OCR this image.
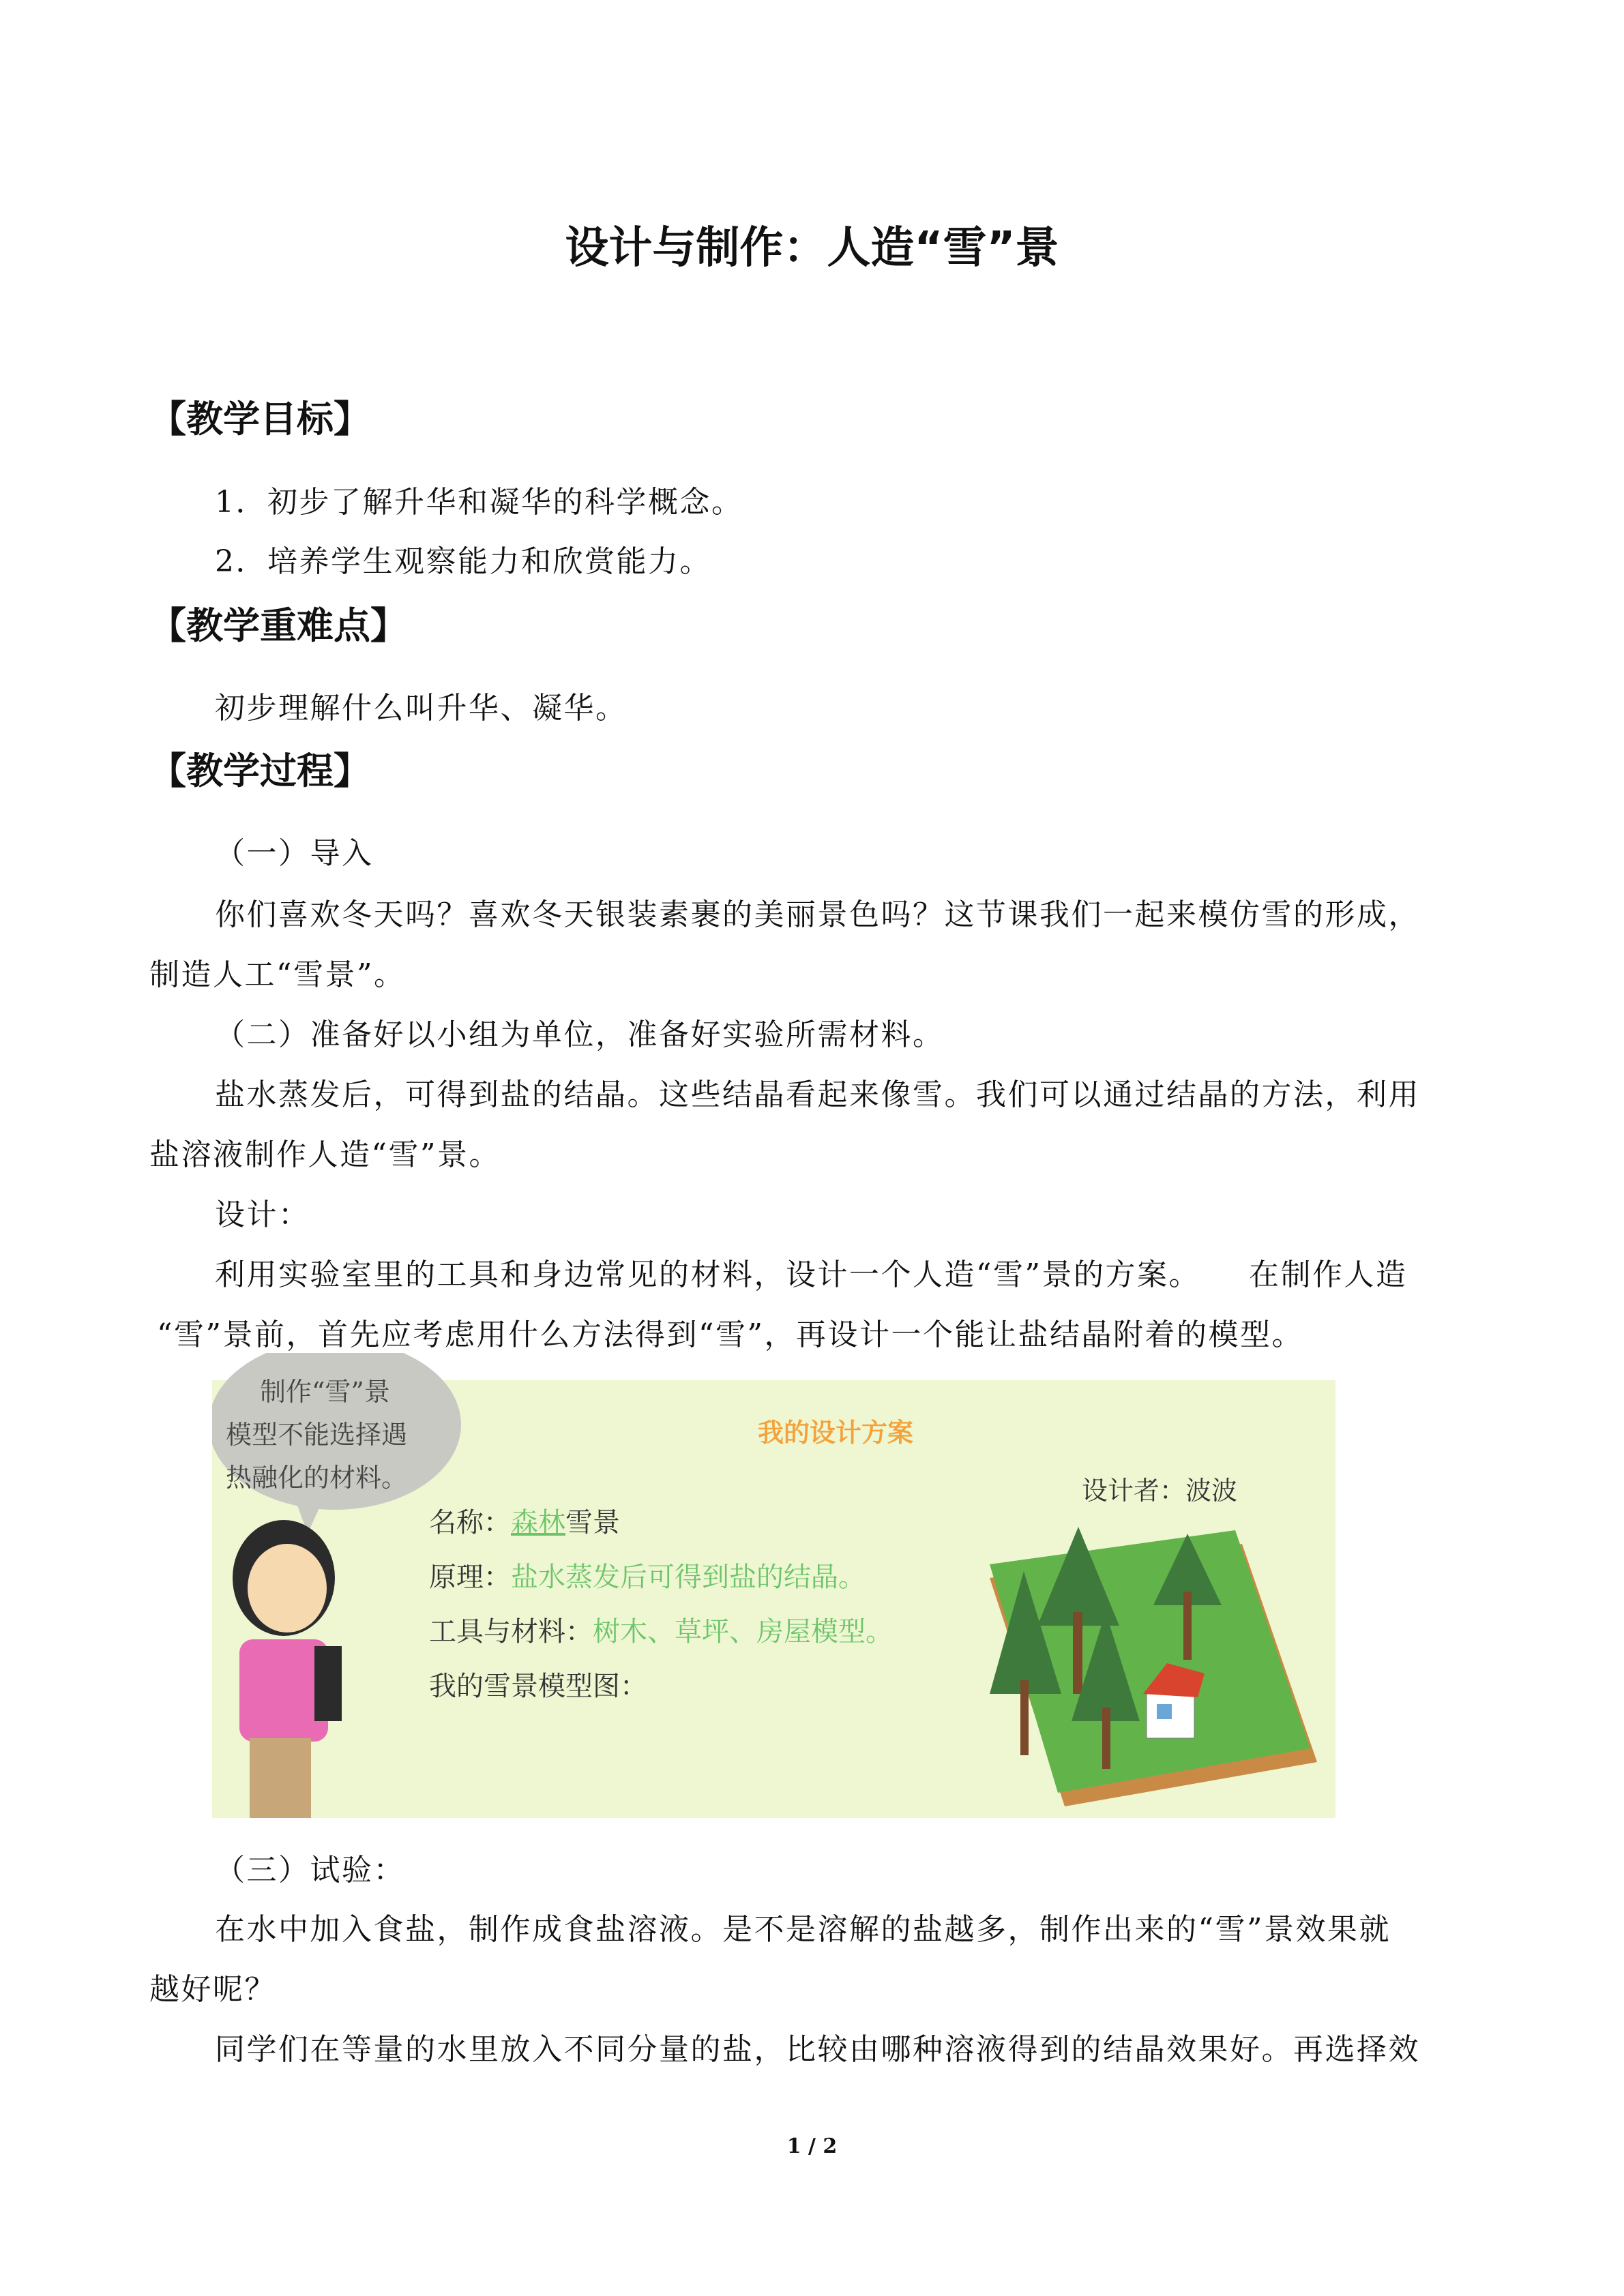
设计与制作：人造“雪”景
【教学目标】
1．初步了解升华和凝华的科学概念。
2．培养学生观察能力和欣赏能力。
【教学重难点】
初步理解什么叫升华、凝华。
【教学过程】
（一）导入
你们喜欢冬天吗？喜欢冬天银装素裹的美丽景色吗？这节课我们一起来模仿雪的形成，
制造人工“雪景”。
（二）准备好以小组为单位，准备好实验所需材料。
盐水蒸发后，可得到盐的结晶。这些结晶看起来像雪。我们可以通过结晶的方法，利用
盐溶液制作人造“雪”景。
设计：
利用实验室里的工具和身边常见的材料，设计一个人造“雪”景的方案。　　在制作人造
“雪”景前，首先应考虑用什么方法得到“雪”，再设计一个能让盐结晶附着的模型。
制作“雪”景
模型不能选择遇
热融化的材料。
我的设计方案
名称：森林雪景
原理：盐水蒸发后可得到盐的结晶。
工具与材料：树木、草坪、房屋模型。
我的雪景模型图：
设计者：波波
（三）试验：
在水中加入食盐，制作成食盐溶液。是不是溶解的盐越多，制作出来的“雪”景效果就
越好呢？
同学们在等量的水里放入不同分量的盐，比较由哪种溶液得到的结晶效果好。再选择效
1 / 2
